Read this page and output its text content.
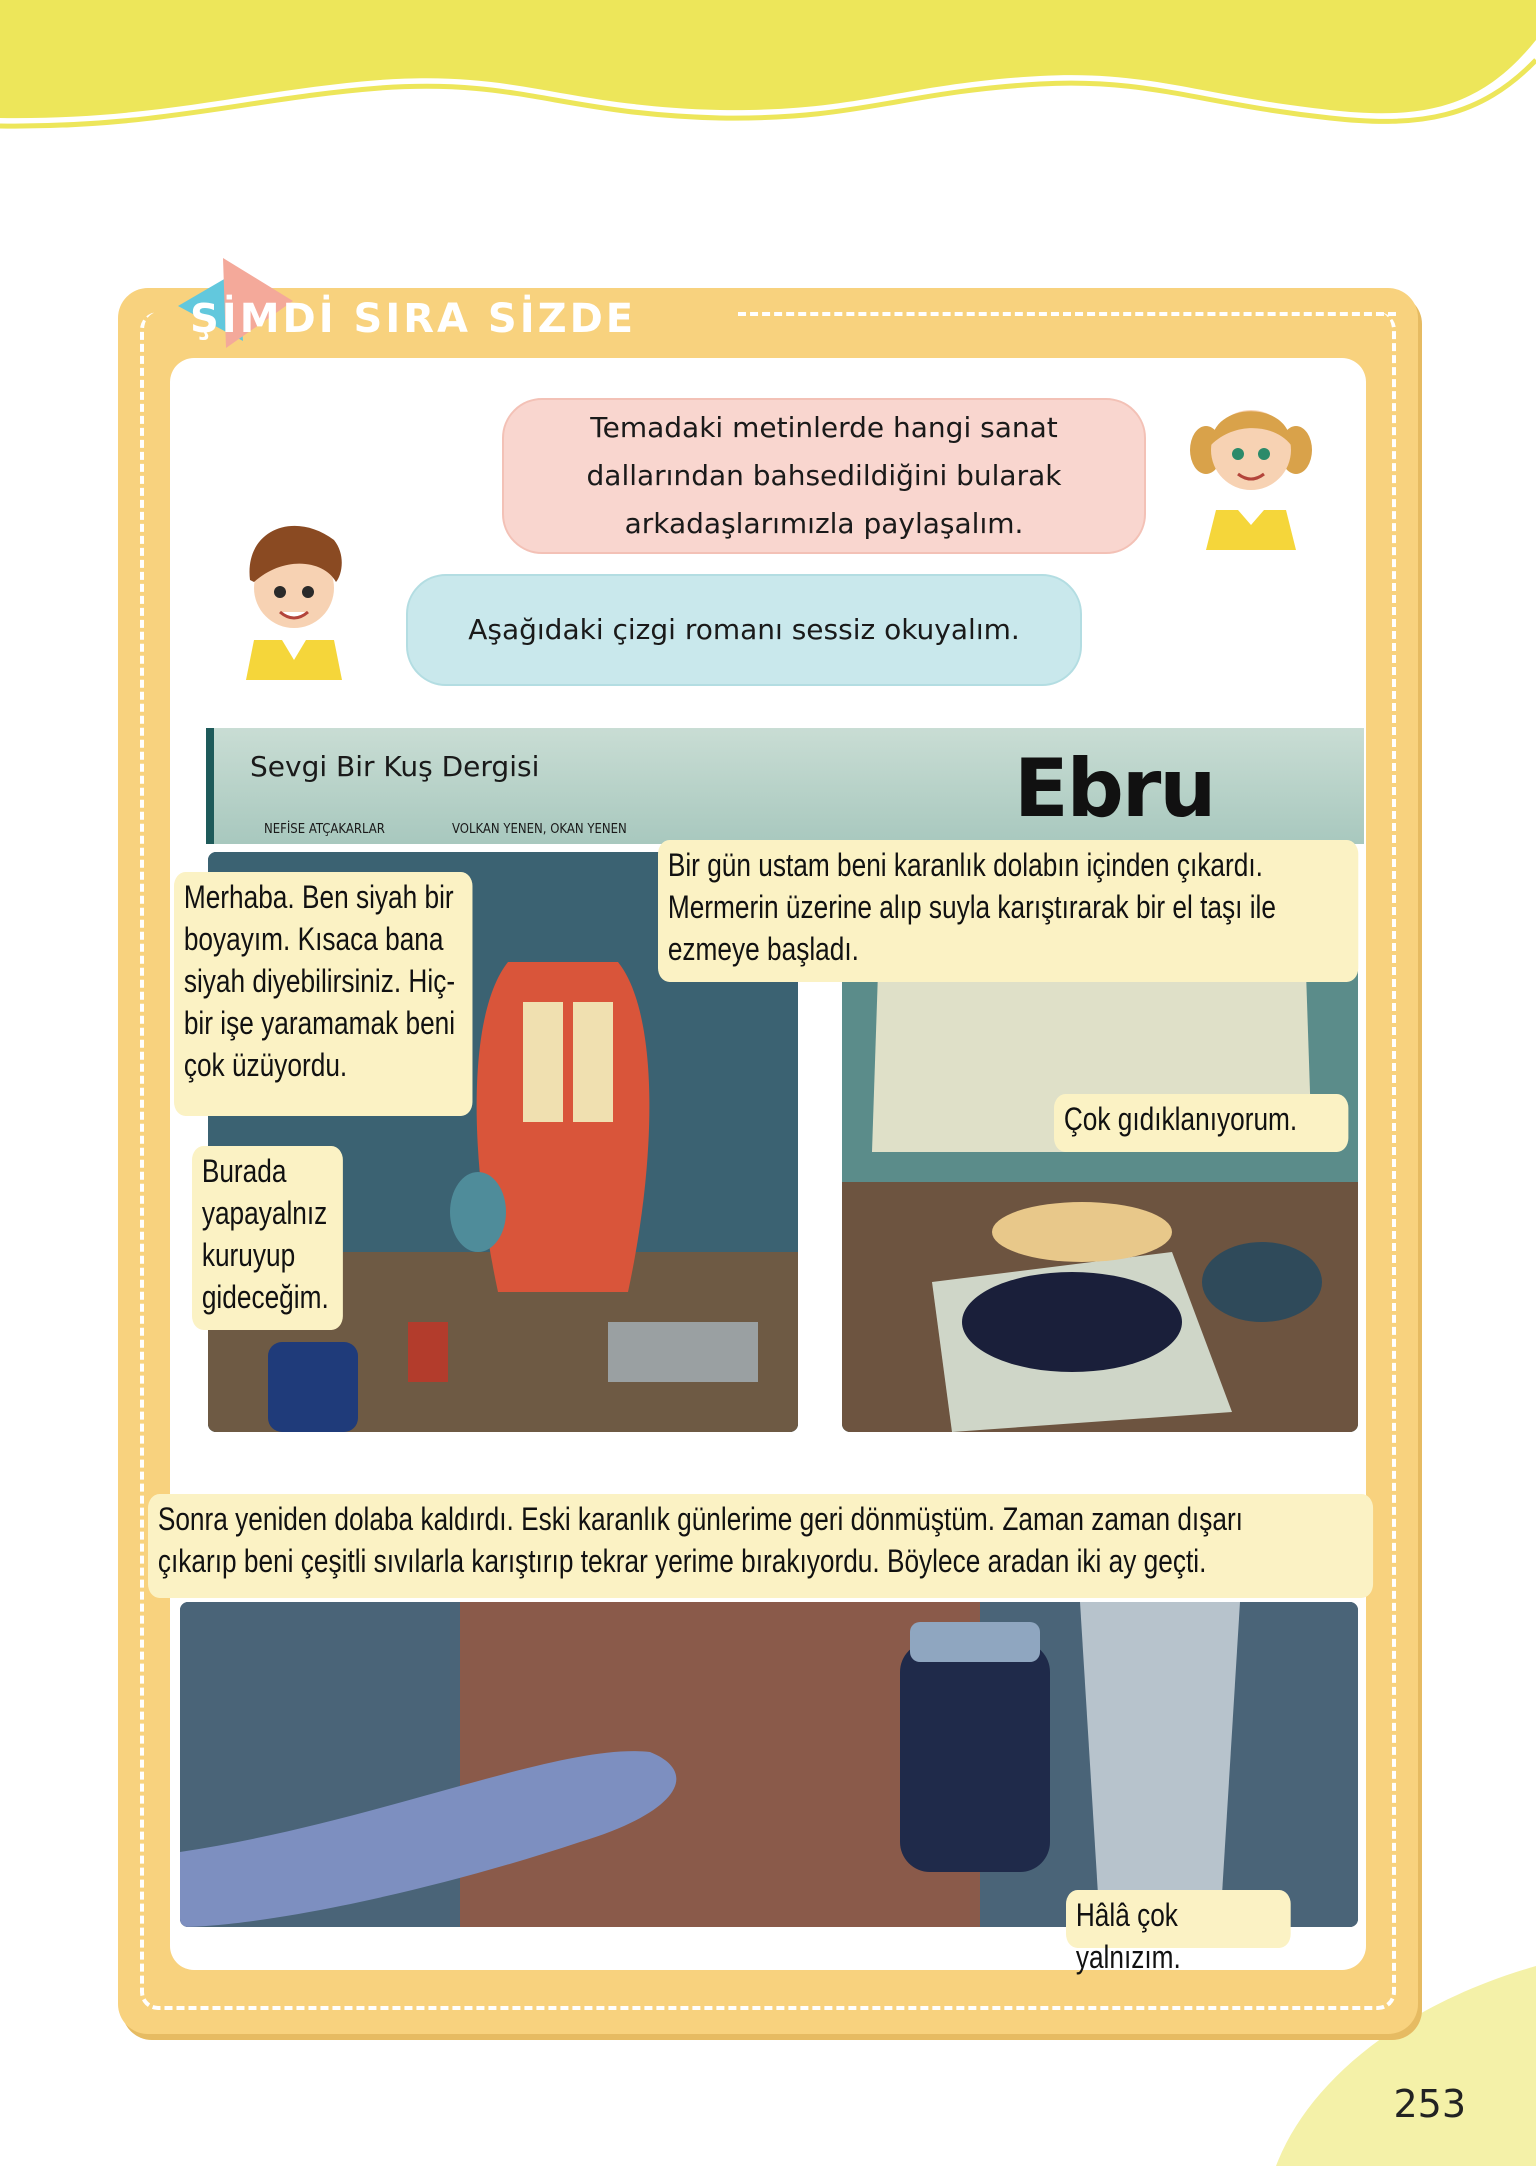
253
ŞİMDİ SIRA SİZDE
Temadaki metinlerde hangi sanat
dallarından bahsedildiğini bularak
arkadaşlarımızla paylaşalım.
Aşağıdaki çizgi romanı sessiz okuyalım.
Sevgi Bir Kuş Dergisi
NEFİSE ATÇAKARLAR	VOLKAN YENEN, OKAN YENEN	Ebru
Merhaba. Ben siyah bir
boyayım. Kısaca bana
siyah diyebilirsiniz. Hiç-
bir işe yaramamak beni
çok üzüyordu.
Burada
yapayalnız
kuruyup
gideceğim.
Bir gün ustam beni karanlık dolabın içinden çıkardı.
Mermerin üzerine alıp suyla karıştırarak bir el taşı ile
ezmeye başladı.
Çok gıdıklanıyorum.
Sonra yeniden dolaba kaldırdı. Eski karanlık günlerime geri dönmüştüm. Zaman zaman dışarı
çıkarıp beni çeşitli sıvılarla karıştırıp tekrar yerime bırakıyordu. Böylece aradan iki ay geçti.
Hâlâ çok yalnızım.
